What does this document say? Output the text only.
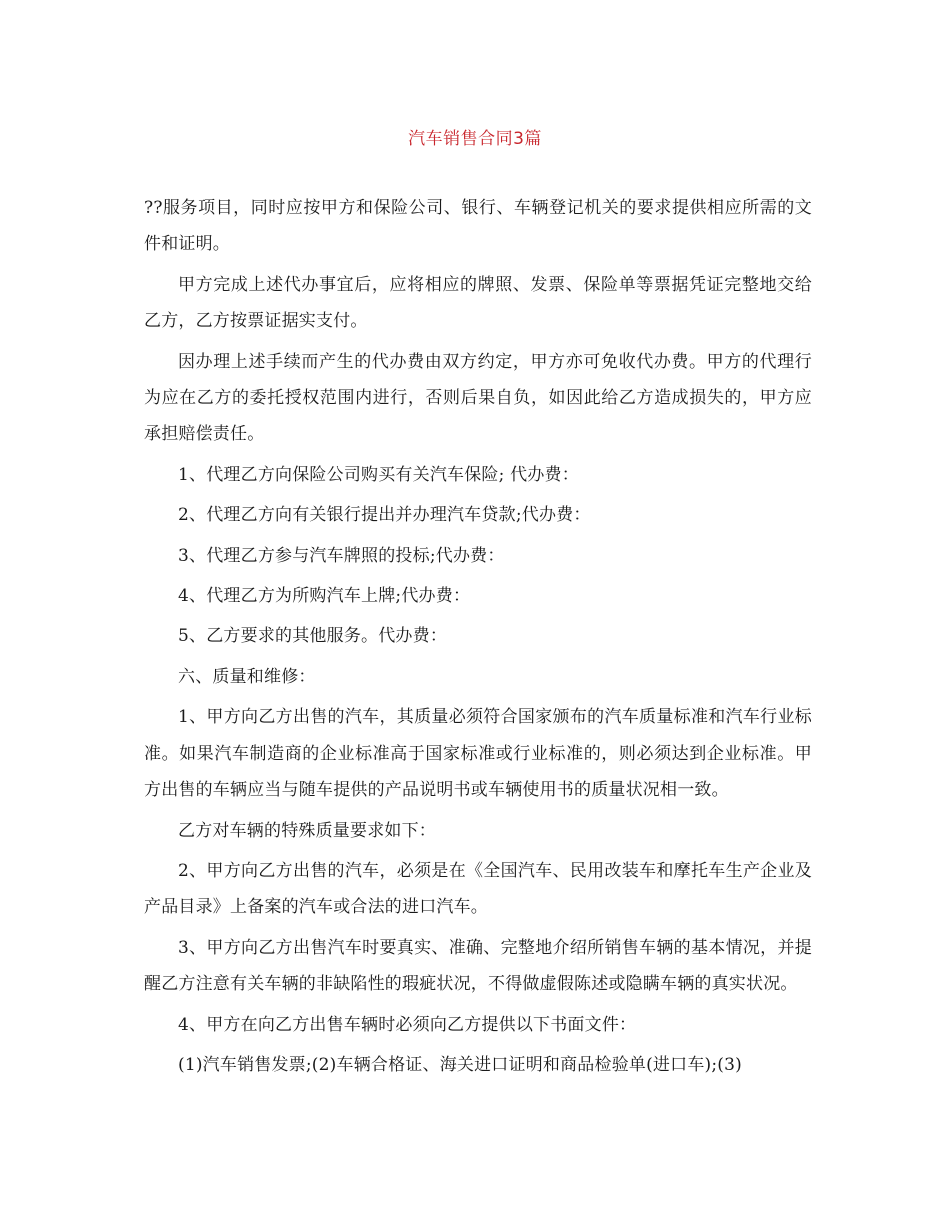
汽车销售合同3篇

??服务项目，同时应按甲方和保险公司、银行、车辆登记机关的要求提供相应所需的文件和证明。

甲方完成上述代办事宜后，应将相应的牌照、发票、保险单等票据凭证完整地交给乙方，乙方按票证据实支付。

因办理上述手续而产生的代办费由双方约定，甲方亦可免收代办费。甲方的代理行为应在乙方的委托授权范围内进行，否则后果自负，如因此给乙方造成损失的，甲方应承担赔偿责任。

1、代理乙方向保险公司购买有关汽车保险; 代办费：

2、代理乙方向有关银行提出并办理汽车贷款;代办费：

3、代理乙方参与汽车牌照的投标;代办费：

4、代理乙方为所购汽车上牌;代办费：

5、乙方要求的其他服务。代办费：

六、质量和维修：

1、甲方向乙方出售的汽车，其质量必须符合国家颁布的汽车质量标准和汽车行业标准。如果汽车制造商的企业标准高于国家标准或行业标准的，则必须达到企业标准。甲方出售的车辆应当与随车提供的产品说明书或车辆使用书的质量状况相一致。

乙方对车辆的特殊质量要求如下：

2、甲方向乙方出售的汽车，必须是在《全国汽车、民用改装车和摩托车生产企业及产品目录》上备案的汽车或合法的进口汽车。

3、甲方向乙方出售汽车时要真实、准确、完整地介绍所销售车辆的基本情况，并提醒乙方注意有关车辆的非缺陷性的瑕疵状况，不得做虚假陈述或隐瞒车辆的真实状况。

4、甲方在向乙方出售车辆时必须向乙方提供以下书面文件：

(1)汽车销售发票;(2)车辆合格证、海关进口证明和商品检验单(进口车);(3)
